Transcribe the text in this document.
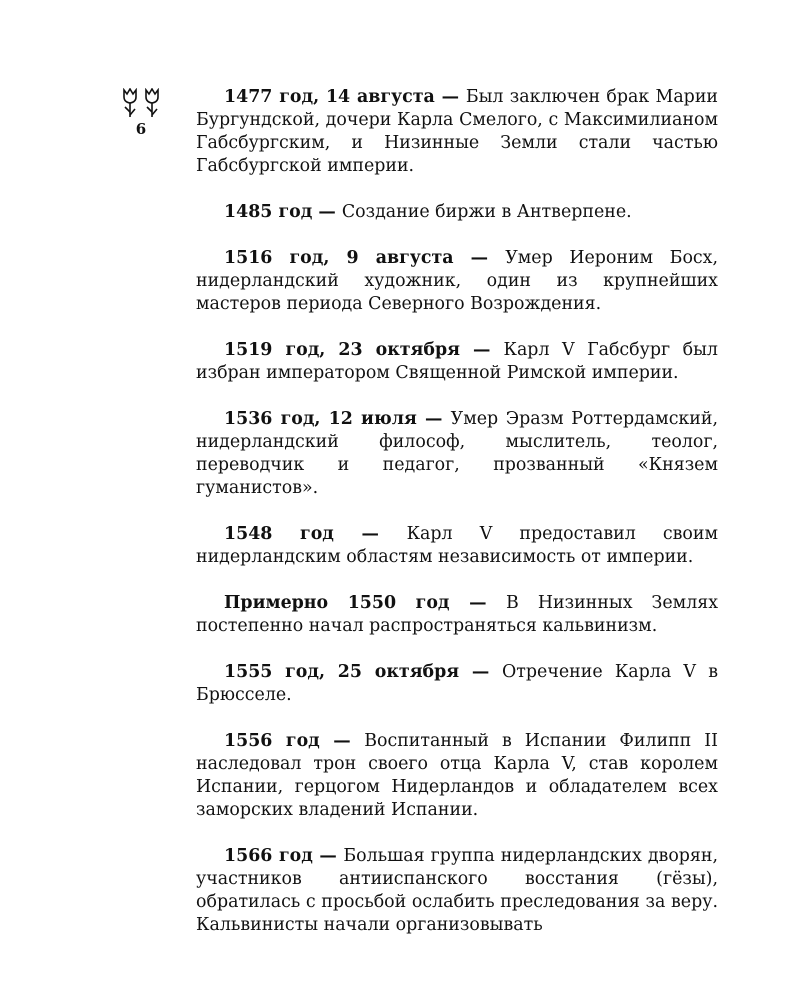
6

1477 год, 14 августа — Был заключен брак Марии Бургундской, дочери Карла Смелого, с Максимилианом Габсбургским, и Низинные Земли стали частью Габсбургской империи.

1485 год — Создание биржи в Антверпене.

1516 год, 9 августа — Умер Иероним Босх, нидерландский художник, один из крупнейших мастеров периода Северного Возрождения.

1519 год, 23 октября — Карл V Габсбург был избран императором Священной Римской империи.

1536 год, 12 июля — Умер Эразм Роттердамский, нидерландский философ, мыслитель, теолог, переводчик и педагог, прозванный «Князем гуманистов».

1548 год — Карл V предоставил своим нидерландским областям независимость от империи.

Примерно 1550 год — В Низинных Землях постепенно начал распространяться кальвинизм.

1555 год, 25 октября — Отречение Карла V в Брюсселе.

1556 год — Воспитанный в Испании Филипп II наследовал трон своего отца Карла V, став королем Испании, герцогом Нидерландов и обладателем всех заморских владений Испании.

1566 год — Большая группа нидерландских дворян, участников антииспанского восстания (гёзы), обратилась с просьбой ослабить преследования за веру. Кальвинисты начали организовывать
